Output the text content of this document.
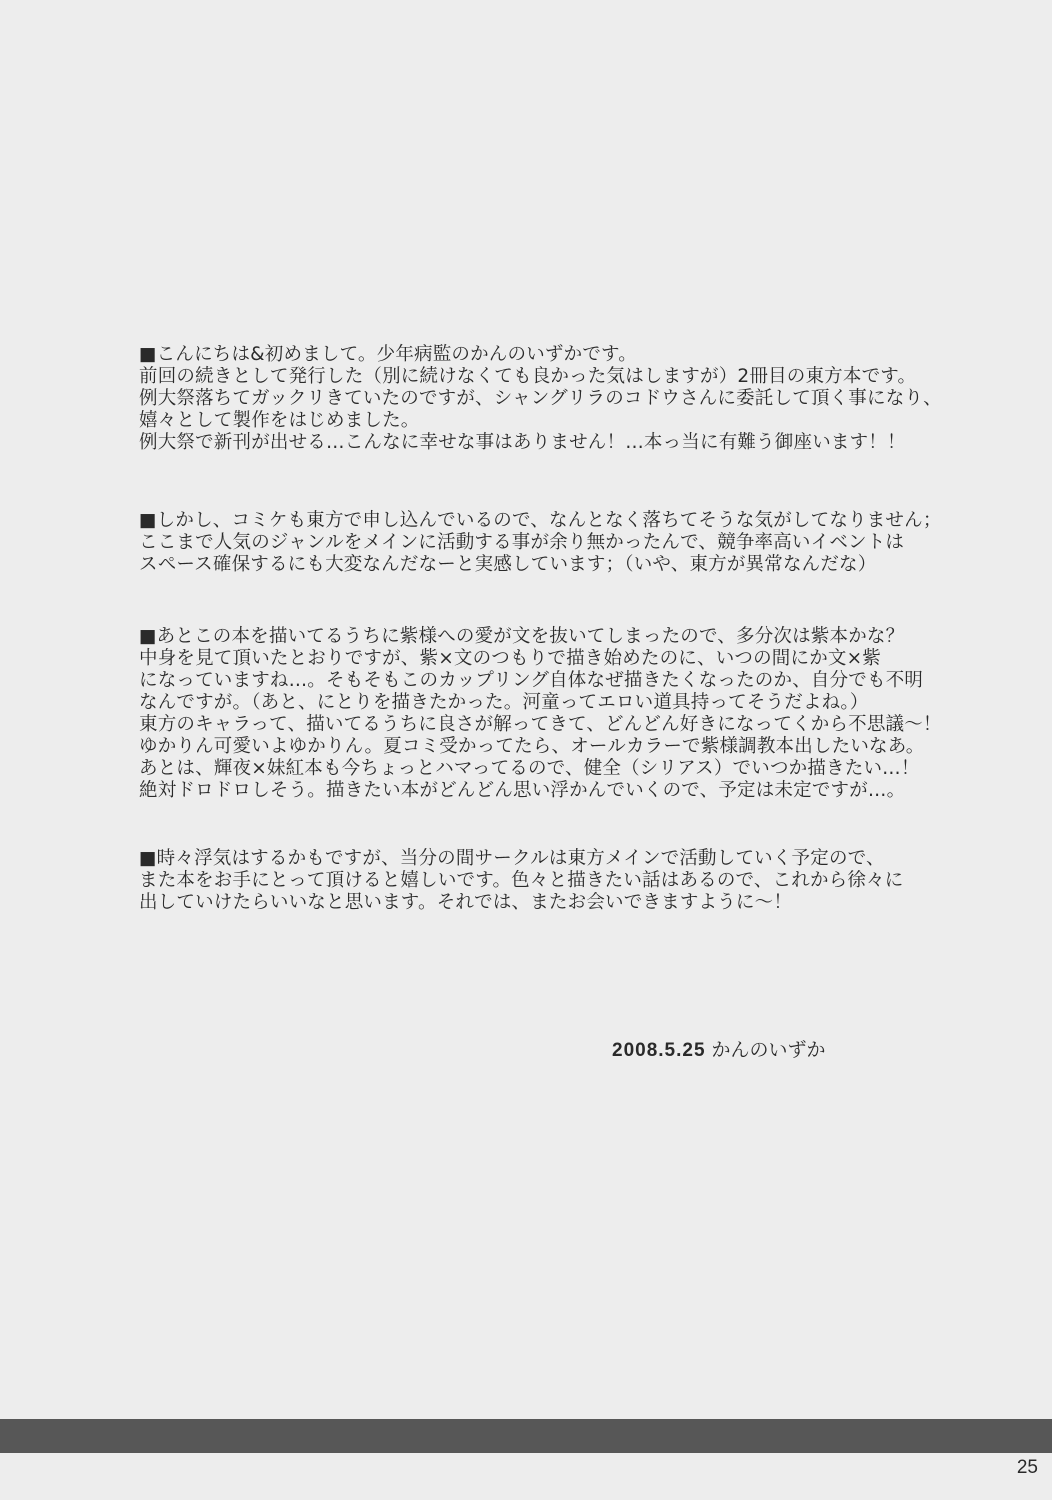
■こんにちは&初めまして。少年病監のかんのいずかです。
前回の続きとして発行した（別に続けなくても良かった気はしますが）2冊目の東方本です。
例大祭落ちてガックリきていたのですが、シャングリラのコドウさんに委託して頂く事になり、
嬉々として製作をはじめました。
例大祭で新刊が出せる…こんなに幸せな事はありません！…本っ当に有難う御座います！！

■しかし、コミケも東方で申し込んでいるので、なんとなく落ちてそうな気がしてなりません；
ここまで人気のジャンルをメインに活動する事が余り無かったんで、競争率高いイベントは
スペース確保するにも大変なんだなーと実感しています；（いや、東方が異常なんだな）

■あとこの本を描いてるうちに紫様への愛が文を抜いてしまったので、多分次は紫本かな？
中身を見て頂いたとおりですが、紫×文のつもりで描き始めたのに、いつの間にか文×紫
になっていますね…。そもそもこのカップリング自体なぜ描きたくなったのか、自分でも不明
なんですが。（あと、にとりを描きたかった。河童ってエロい道具持ってそうだよね。）
東方のキャラって、描いてるうちに良さが解ってきて、どんどん好きになってくから不思議〜！
ゆかりん可愛いよゆかりん。夏コミ受かってたら、オールカラーで紫様調教本出したいなあ。
あとは、輝夜×妹紅本も今ちょっとハマってるので、健全（シリアス）でいつか描きたい…！
絶対ドロドロしそう。描きたい本がどんどん思い浮かんでいくので、予定は未定ですが…。

■時々浮気はするかもですが、当分の間サークルは東方メインで活動していく予定ので、
また本をお手にとって頂けると嬉しいです。色々と描きたい話はあるので、これから徐々に
出していけたらいいなと思います。それでは、またお会いできますように〜！

2008.5.25 かんのいずか
25
